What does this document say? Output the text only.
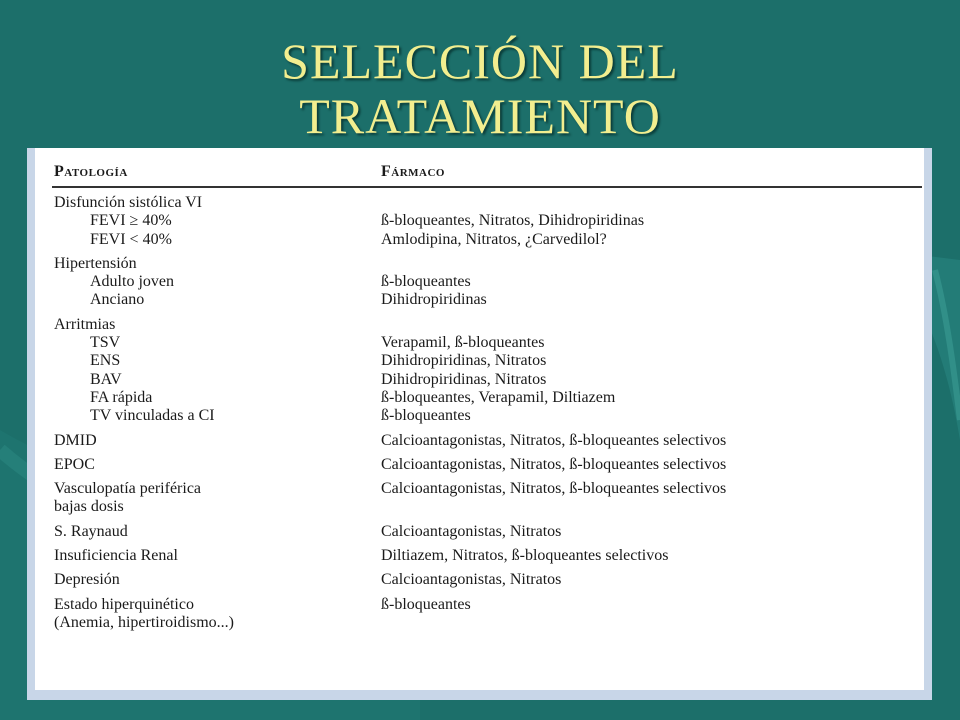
SELECCIÓN DEL
TRATAMIENTO
Patología	Fármaco
Disfunción sistólica VI
FEVI ≥ 40%	ß-bloqueantes, Nitratos, Dihidropiridinas
FEVI < 40%	Amlodipina, Nitratos, ¿Carvedilol?
Hipertensión
Adulto joven	ß-bloqueantes
Anciano	Dihidropiridinas
Arritmias
TSV	Verapamil, ß-bloqueantes
ENS	Dihidropiridinas, Nitratos
BAV	Dihidropiridinas, Nitratos
FA rápida	ß-bloqueantes, Verapamil, Diltiazem
TV vinculadas a CI	ß-bloqueantes
DMID	Calcioantagonistas, Nitratos, ß-bloqueantes selectivos
EPOC	Calcioantagonistas, Nitratos, ß-bloqueantes selectivos
Vasculopatía periférica	Calcioantagonistas, Nitratos, ß-bloqueantes selectivos
bajas dosis
S. Raynaud	Calcioantagonistas, Nitratos
Insuficiencia Renal	Diltiazem, Nitratos, ß-bloqueantes selectivos
Depresión	Calcioantagonistas, Nitratos
Estado hiperquinético	ß-bloqueantes
(Anemia, hipertiroidismo...)
